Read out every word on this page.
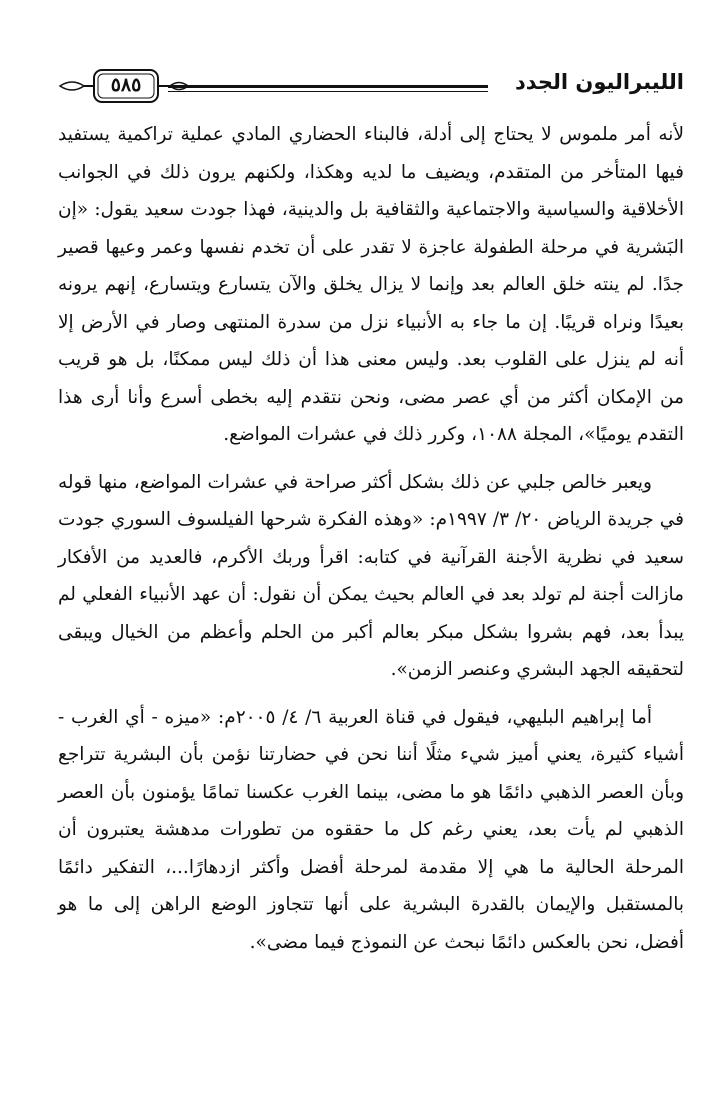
الليبراليون الجدد
٥٨٥

لأنه أمر ملموس لا يحتاج إلى أدلة، فالبناء الحضاري المادي عملية تراكمية يستفيد فيها المتأخر من المتقدم، ويضيف ما لديه وهكذا، ولكنهم يرون ذلك في الجوانب الأخلاقية والسياسية والاجتماعية والثقافية بل والدينية، فهذا جودت سعيد يقول: «إن البَشرية في مرحلة الطفولة عاجزة لا تقدر على أن تخدم نفسها وعمر وعيها قصير جدًا. لم ينته خلق العالم بعد وإنما لا يزال يخلق والآن يتسارع ويتسارع، إنهم يرونه بعيدًا ونراه قريبًا. إن ما جاء به الأنبياء نزل من سدرة المنتهى وصار في الأرض إلا أنه لم ينزل على القلوب بعد. وليس معنى هذا أن ذلك ليس ممكنًا، بل هو قريب من الإمكان أكثر من أي عصر مضى، ونحن نتقدم إليه بخطى أسرع وأنا أرى هذا التقدم يوميًا»، المجلة ١٠٨٨، وكرر ذلك في عشرات المواضع.

ويعبر خالص جلبي عن ذلك بشكل أكثر صراحة في عشرات المواضع، منها قوله في جريدة الرياض ٢٠/ ٣/ ١٩٩٧م: «وهذه الفكرة شرحها الفيلسوف السوري جودت سعيد في نظرية الأجنة القرآنية في كتابه: اقرأ وربك الأكرم، فالعديد من الأفكار مازالت أجنة لم تولد بعد في العالم بحيث يمكن أن نقول: أن عهد الأنبياء الفعلي لم يبدأ بعد، فهم بشروا بشكل مبكر بعالم أكبر من الحلم وأعظم من الخيال ويبقى لتحقيقه الجهد البشري وعنصر الزمن».

أما إبراهيم البليهي، فيقول في قناة العربية ٦/ ٤/ ٢٠٠٥م: «ميزه - أي الغرب - أشياء كثيرة، يعني أميز شيء مثلًا أننا نحن في حضارتنا نؤمن بأن البشرية تتراجع وبأن العصر الذهبي دائمًا هو ما مضى، بينما الغرب عكسنا تمامًا يؤمنون بأن العصر الذهبي لم يأت بعد، يعني رغم كل ما حققوه من تطورات مدهشة يعتبرون أن المرحلة الحالية ما هي إلا مقدمة لمرحلة أفضل وأكثر ازدهارًا...، التفكير دائمًا بالمستقبل والإيمان بالقدرة البشرية على أنها تتجاوز الوضع الراهن إلى ما هو أفضل، نحن بالعكس دائمًا نبحث عن النموذج فيما مضى».
